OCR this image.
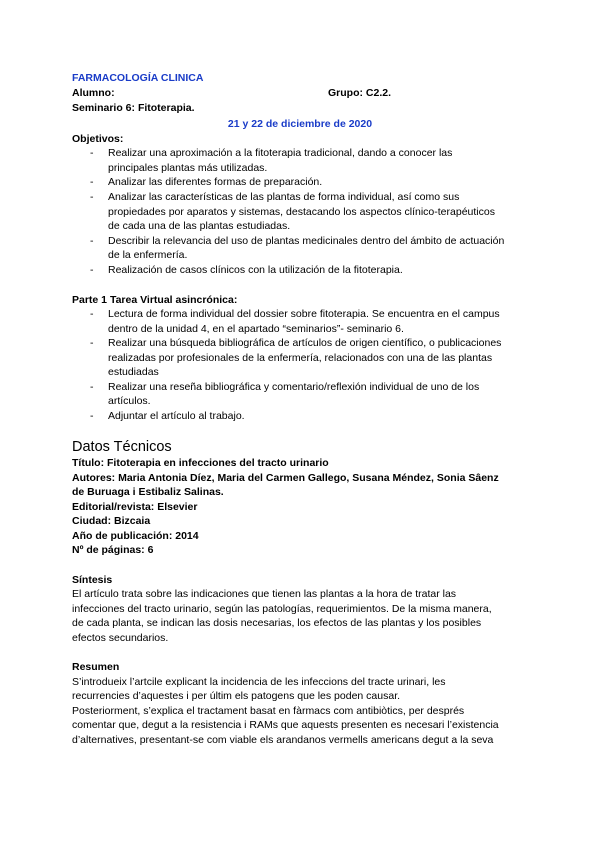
FARMACOLOGÍA CLINICA
Alumno:	Grupo: C2.2.
Seminario 6: Fitoterapia.
21 y 22 de diciembre de 2020
Objetivos:
- Realizar una aproximación a la fitoterapia tradicional, dando a conocer las
principales plantas más utilizadas.
- Analizar las diferentes formas de preparación.
- Analizar las características de las plantas de forma individual, así como sus
propiedades por aparatos y sistemas, destacando los aspectos clínico-terapéuticos
de cada una de las plantas estudiadas.
- Describir la relevancia del uso de plantas medicinales dentro del ámbito de actuación
de la enfermería.
- Realización de casos clínicos con la utilización de la fitoterapia.
Parte 1 Tarea Virtual asincrónica:
- Lectura de forma individual del dossier sobre fitoterapia. Se encuentra en el campus
dentro de la unidad 4, en el apartado “seminarios”- seminario 6.
- Realizar una búsqueda bibliográfica de artículos de origen científico, o publicaciones
realizadas por profesionales de la enfermería, relacionados con una de las plantas
estudiadas
- Realizar una reseña bibliográfica y comentario/reflexión individual de uno de los
artículos.
- Adjuntar el artículo al trabajo.
Datos Técnicos
Título: Fitoterapia en infecciones del tracto urinario
Autores: Maria Antonia Díez, Maria del Carmen Gallego, Susana Méndez, Sonia Sâenz
de Buruaga i Estibaliz Salinas.
Editorial/revista: Elsevier
Ciudad: Bizcaia
Año de publicación: 2014
Nº de páginas: 6
Síntesis
El artículo trata sobre las indicaciones que tienen las plantas a la hora de tratar las
infecciones del tracto urinario, según las patologías, requerimientos. De la misma manera,
de cada planta, se indican las dosis necesarias, los efectos de las plantas y los posibles
efectos secundarios.
Resumen
S’introdueix l’artcile explicant la incidencia de les infeccions del tracte urinari, les
recurrencies d’aquestes i per últim els patogens que les poden causar.
Posteriorment, s’explica el tractament basat en fàrmacs com antibiòtics, per després
comentar que, degut a la resistencia i RAMs que aquests presenten es necesari l’existencia
d’alternatives, presentant-se com viable els arandanos vermells americans degut a la seva
